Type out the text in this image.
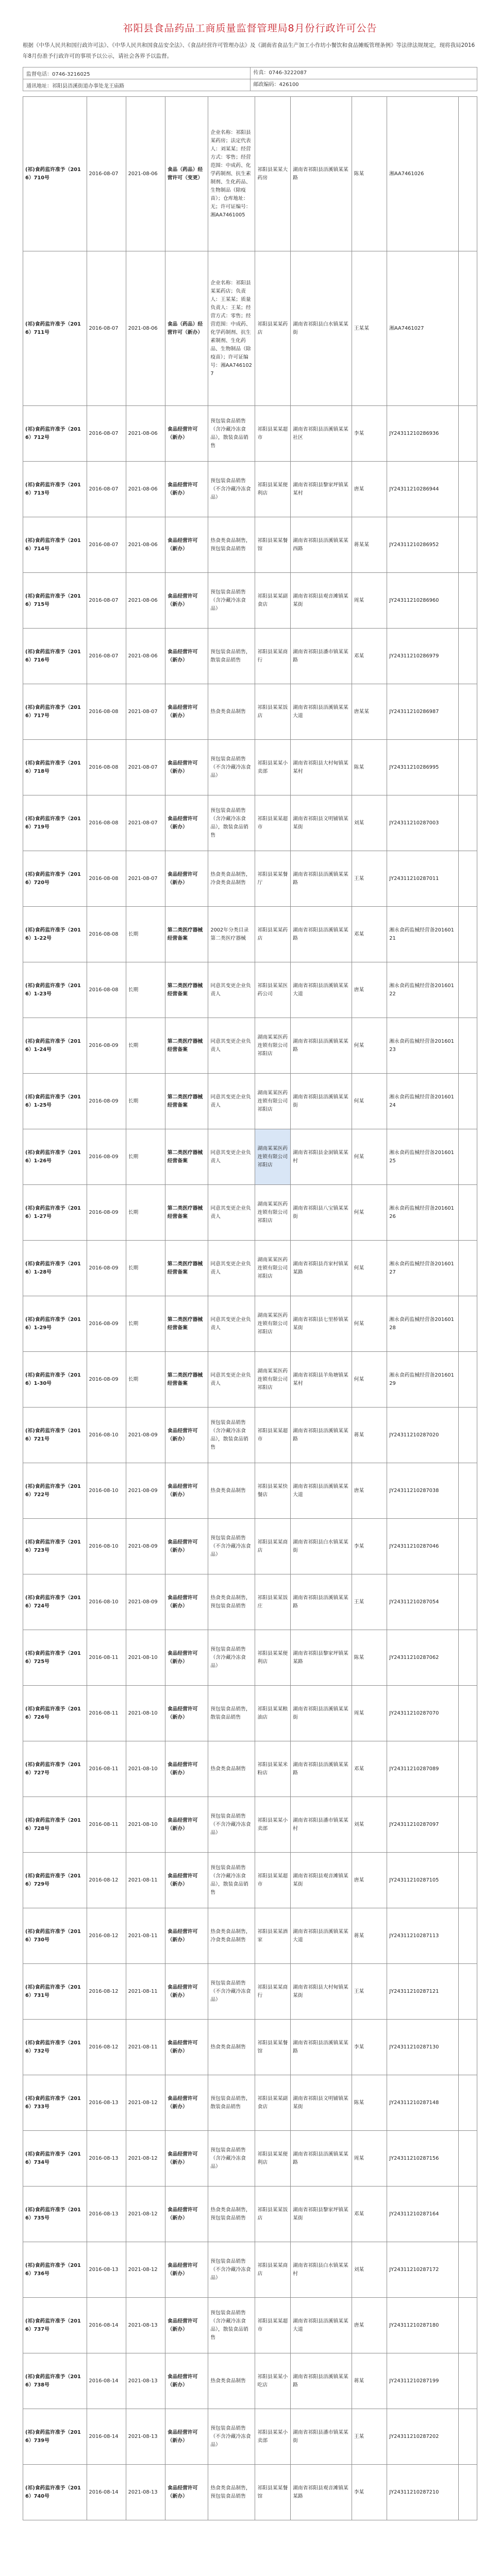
祁阳县食品药品工商质量监督管理局8月份行政许可公告
根据《中华人民共和国行政许可法》、《中华人民共和国食品安全法》、《食品经营许可管理办法》及《湖南省食品生产加工小作坊小餐饮和食品摊贩管理条例》等法律法规规定，现将我局2016年8月份准予行政许可的事项予以公示，请社会各界予以监督。
监督电话：0746-3216025	传真：0746-3222087
通讯地址：祁阳县浯溪街道办事处龙王庙路	邮政编码：426100
(祁)食药监许准予（2016）710号	2016-08-07	2021-08-06	食品（药品）经营许可（变更）	企业名称：祁阳县某药房；法定代表人：刘某某；经营方式：零售；经营范围：中成药、化学药制剂、抗生素制剂、生化药品、生物制品（除疫苗）；仓库地址：无；许可证编号：湘AA7461005	祁阳县某某大药房	湖南省祁阳县浯溪镇某某路	陈某	湘AA7461026	
(祁)食药监许准予（2016）711号	2016-08-07	2021-08-06	食品（药品）经营许可（新办）	企业名称：祁阳县某某药店；负责人：王某某；质量负责人：王某；经营方式：零售；经营范围：中成药、化学药制剂、抗生素制剂、生化药品、生物制品（除疫苗）；许可证编号：湘AA7461027	祁阳县某某药店	湖南省祁阳县白水镇某某街	王某某	湘AA7461027	
(祁)食药监许准予（2016）712号	2016-08-07	2021-08-06	食品经营许可（新办）	预包装食品销售（含冷藏冷冻食品），散装食品销售	祁阳县某某超市	湖南省祁阳县浯溪镇某某社区	李某	JY24311210286936	
(祁)食药监许准予（2016）713号	2016-08-07	2021-08-06	食品经营许可（新办）	预包装食品销售（不含冷藏冷冻食品）	祁阳县某某便利店	湖南省祁阳县黎家坪镇某某村	唐某	JY24311210286944	
(祁)食药监许准予（2016）714号	2016-08-07	2021-08-06	食品经营许可（新办）	热食类食品制售，预包装食品销售	祁阳县某某餐馆	湖南省祁阳县浯溪镇某某西路	蒋某某	JY24311210286952	
(祁)食药监许准予（2016）715号	2016-08-07	2021-08-06	食品经营许可（新办）	预包装食品销售（含冷藏冷冻食品）	祁阳县某某副食店	湖南省祁阳县观音滩镇某某街	周某	JY24311210286960	
(祁)食药监许准予（2016）716号	2016-08-07	2021-08-06	食品经营许可（新办）	预包装食品销售，散装食品销售	祁阳县某某商行	湖南省祁阳县潘市镇某某路	邓某	JY24311210286979	
(祁)食药监许准予（2016）717号	2016-08-08	2021-08-07	食品经营许可（新办）	热食类食品制售	祁阳县某某饭店	湖南省祁阳县浯溪镇某某大道	唐某某	JY24311210286987	
(祁)食药监许准予（2016）718号	2016-08-08	2021-08-07	食品经营许可（新办）	预包装食品销售（不含冷藏冷冻食品）	祁阳县某某小卖部	湖南省祁阳县大村甸镇某某村	陈某	JY24311210286995	
(祁)食药监许准予（2016）719号	2016-08-08	2021-08-07	食品经营许可（新办）	预包装食品销售（含冷藏冷冻食品），散装食品销售	祁阳县某某超市	湖南省祁阳县文明铺镇某某街	刘某	JY24311210287003	
(祁)食药监许准予（2016）720号	2016-08-08	2021-08-07	食品经营许可（新办）	热食类食品制售，冷食类食品制售	祁阳县某某餐厅	湖南省祁阳县浯溪镇某某路	王某	JY24311210287011	
(祁)食药监许准予（2016）1-22号	2016-08-08	长期	第二类医疗器械经营备案	2002年分类目录第二类医疗器械	祁阳县某某药店	湖南省祁阳县浯溪镇某某路	邓某	湘永食药监械经营备20160121	
(祁)食药监许准予（2016）1-23号	2016-08-08	长期	第二类医疗器械经营备案	同意其变更企业负责人	祁阳县某某医药公司	湖南省祁阳县浯溪镇某某大道	唐某	湘永食药监械经营备20160122	
(祁)食药监许准予（2016）1-24号	2016-08-09	长期	第二类医疗器械经营备案	同意其变更企业负责人	湖南某某医药连锁有限公司祁阳店	湖南省祁阳县浯溪镇某某路	何某	湘永食药监械经营备20160123	
(祁)食药监许准予（2016）1-25号	2016-08-09	长期	第二类医疗器械经营备案	同意其变更企业负责人	湖南某某医药连锁有限公司祁阳店	湖南省祁阳县浯溪镇某某街	何某	湘永食药监械经营备20160124	
(祁)食药监许准予（2016）1-26号	2016-08-09	长期	第二类医疗器械经营备案	同意其变更企业负责人	湖南某某医药连锁有限公司祁阳店	湖南省祁阳县金洞镇某某村	何某	湘永食药监械经营备20160125	
(祁)食药监许准予（2016）1-27号	2016-08-09	长期	第二类医疗器械经营备案	同意其变更企业负责人	湖南某某医药连锁有限公司祁阳店	湖南省祁阳县八宝镇某某街	何某	湘永食药监械经营备20160126	
(祁)食药监许准予（2016）1-28号	2016-08-09	长期	第二类医疗器械经营备案	同意其变更企业负责人	湖南某某医药连锁有限公司祁阳店	湖南省祁阳县肖家村镇某某路	何某	湘永食药监械经营备20160127	
(祁)食药监许准予（2016）1-29号	2016-08-09	长期	第二类医疗器械经营备案	同意其变更企业负责人	湖南某某医药连锁有限公司祁阳店	湖南省祁阳县七里桥镇某某街	何某	湘永食药监械经营备20160128	
(祁)食药监许准予（2016）1-30号	2016-08-09	长期	第二类医疗器械经营备案	同意其变更企业负责人	湖南某某医药连锁有限公司祁阳店	湖南省祁阳县羊角塘镇某某村	何某	湘永食药监械经营备20160129	
(祁)食药监许准予（2016）721号	2016-08-10	2021-08-09	食品经营许可（新办）	预包装食品销售（含冷藏冷冻食品），散装食品销售	祁阳县某某超市	湖南省祁阳县浯溪镇某某路	蒋某	JY24311210287020	
(祁)食药监许准予（2016）722号	2016-08-10	2021-08-09	食品经营许可（新办）	热食类食品制售	祁阳县某某快餐店	湖南省祁阳县浯溪镇某某大道	唐某	JY24311210287038	
(祁)食药监许准予（2016）723号	2016-08-10	2021-08-09	食品经营许可（新办）	预包装食品销售（不含冷藏冷冻食品）	祁阳县某某商店	湖南省祁阳县白水镇某某街	李某	JY24311210287046	
(祁)食药监许准予（2016）724号	2016-08-10	2021-08-09	食品经营许可（新办）	热食类食品制售，预包装食品销售	祁阳县某某饭庄	湖南省祁阳县浯溪镇某某路	王某	JY24311210287054	
(祁)食药监许准予（2016）725号	2016-08-11	2021-08-10	食品经营许可（新办）	预包装食品销售（含冷藏冷冻食品）	祁阳县某某便利店	湖南省祁阳县黎家坪镇某某路	陈某	JY24311210287062	
(祁)食药监许准予（2016）726号	2016-08-11	2021-08-10	食品经营许可（新办）	预包装食品销售，散装食品销售	祁阳县某某粮油店	湖南省祁阳县浯溪镇某某街	周某	JY24311210287070	
(祁)食药监许准予（2016）727号	2016-08-11	2021-08-10	食品经营许可（新办）	热食类食品制售	祁阳县某某米粉店	湖南省祁阳县浯溪镇某某路	邓某	JY24311210287089	
(祁)食药监许准予（2016）728号	2016-08-11	2021-08-10	食品经营许可（新办）	预包装食品销售（不含冷藏冷冻食品）	祁阳县某某小卖部	湖南省祁阳县潘市镇某某村	刘某	JY24311210287097	
(祁)食药监许准予（2016）729号	2016-08-12	2021-08-11	食品经营许可（新办）	预包装食品销售（含冷藏冷冻食品），散装食品销售	祁阳县某某超市	湖南省祁阳县观音滩镇某某街	唐某	JY24311210287105	
(祁)食药监许准予（2016）730号	2016-08-12	2021-08-11	食品经营许可（新办）	热食类食品制售，冷食类食品制售	祁阳县某某酒家	湖南省祁阳县浯溪镇某某大道	蒋某	JY24311210287113	
(祁)食药监许准予（2016）731号	2016-08-12	2021-08-11	食品经营许可（新办）	预包装食品销售（不含冷藏冷冻食品）	祁阳县某某商行	湖南省祁阳县大村甸镇某某街	王某	JY24311210287121	
(祁)食药监许准予（2016）732号	2016-08-12	2021-08-11	食品经营许可（新办）	热食类食品制售	祁阳县某某餐馆	湖南省祁阳县浯溪镇某某路	李某	JY24311210287130	
(祁)食药监许准予（2016）733号	2016-08-13	2021-08-12	食品经营许可（新办）	预包装食品销售，散装食品销售	祁阳县某某副食店	湖南省祁阳县文明铺镇某某街	陈某	JY24311210287148	
(祁)食药监许准予（2016）734号	2016-08-13	2021-08-12	食品经营许可（新办）	预包装食品销售（含冷藏冷冻食品）	祁阳县某某便利店	湖南省祁阳县浯溪镇某某路	周某	JY24311210287156	
(祁)食药监许准予（2016）735号	2016-08-13	2021-08-12	食品经营许可（新办）	热食类食品制售，预包装食品销售	祁阳县某某饭店	湖南省祁阳县黎家坪镇某某街	邓某	JY24311210287164	
(祁)食药监许准予（2016）736号	2016-08-13	2021-08-12	食品经营许可（新办）	预包装食品销售（不含冷藏冷冻食品）	祁阳县某某商店	湖南省祁阳县白水镇某某村	刘某	JY24311210287172	
(祁)食药监许准予（2016）737号	2016-08-14	2021-08-13	食品经营许可（新办）	预包装食品销售（含冷藏冷冻食品），散装食品销售	祁阳县某某超市	湖南省祁阳县浯溪镇某某大道	唐某	JY24311210287180	
(祁)食药监许准予（2016）738号	2016-08-14	2021-08-13	食品经营许可（新办）	热食类食品制售	祁阳县某某小吃店	湖南省祁阳县浯溪镇某某路	蒋某	JY24311210287199	
(祁)食药监许准予（2016）739号	2016-08-14	2021-08-13	食品经营许可（新办）	预包装食品销售（不含冷藏冷冻食品）	祁阳县某某小卖部	湖南省祁阳县潘市镇某某街	王某	JY24311210287202	
(祁)食药监许准予（2016）740号	2016-08-14	2021-08-13	食品经营许可（新办）	热食类食品制售，预包装食品销售	祁阳县某某餐馆	湖南省祁阳县观音滩镇某某路	李某	JY24311210287210	
